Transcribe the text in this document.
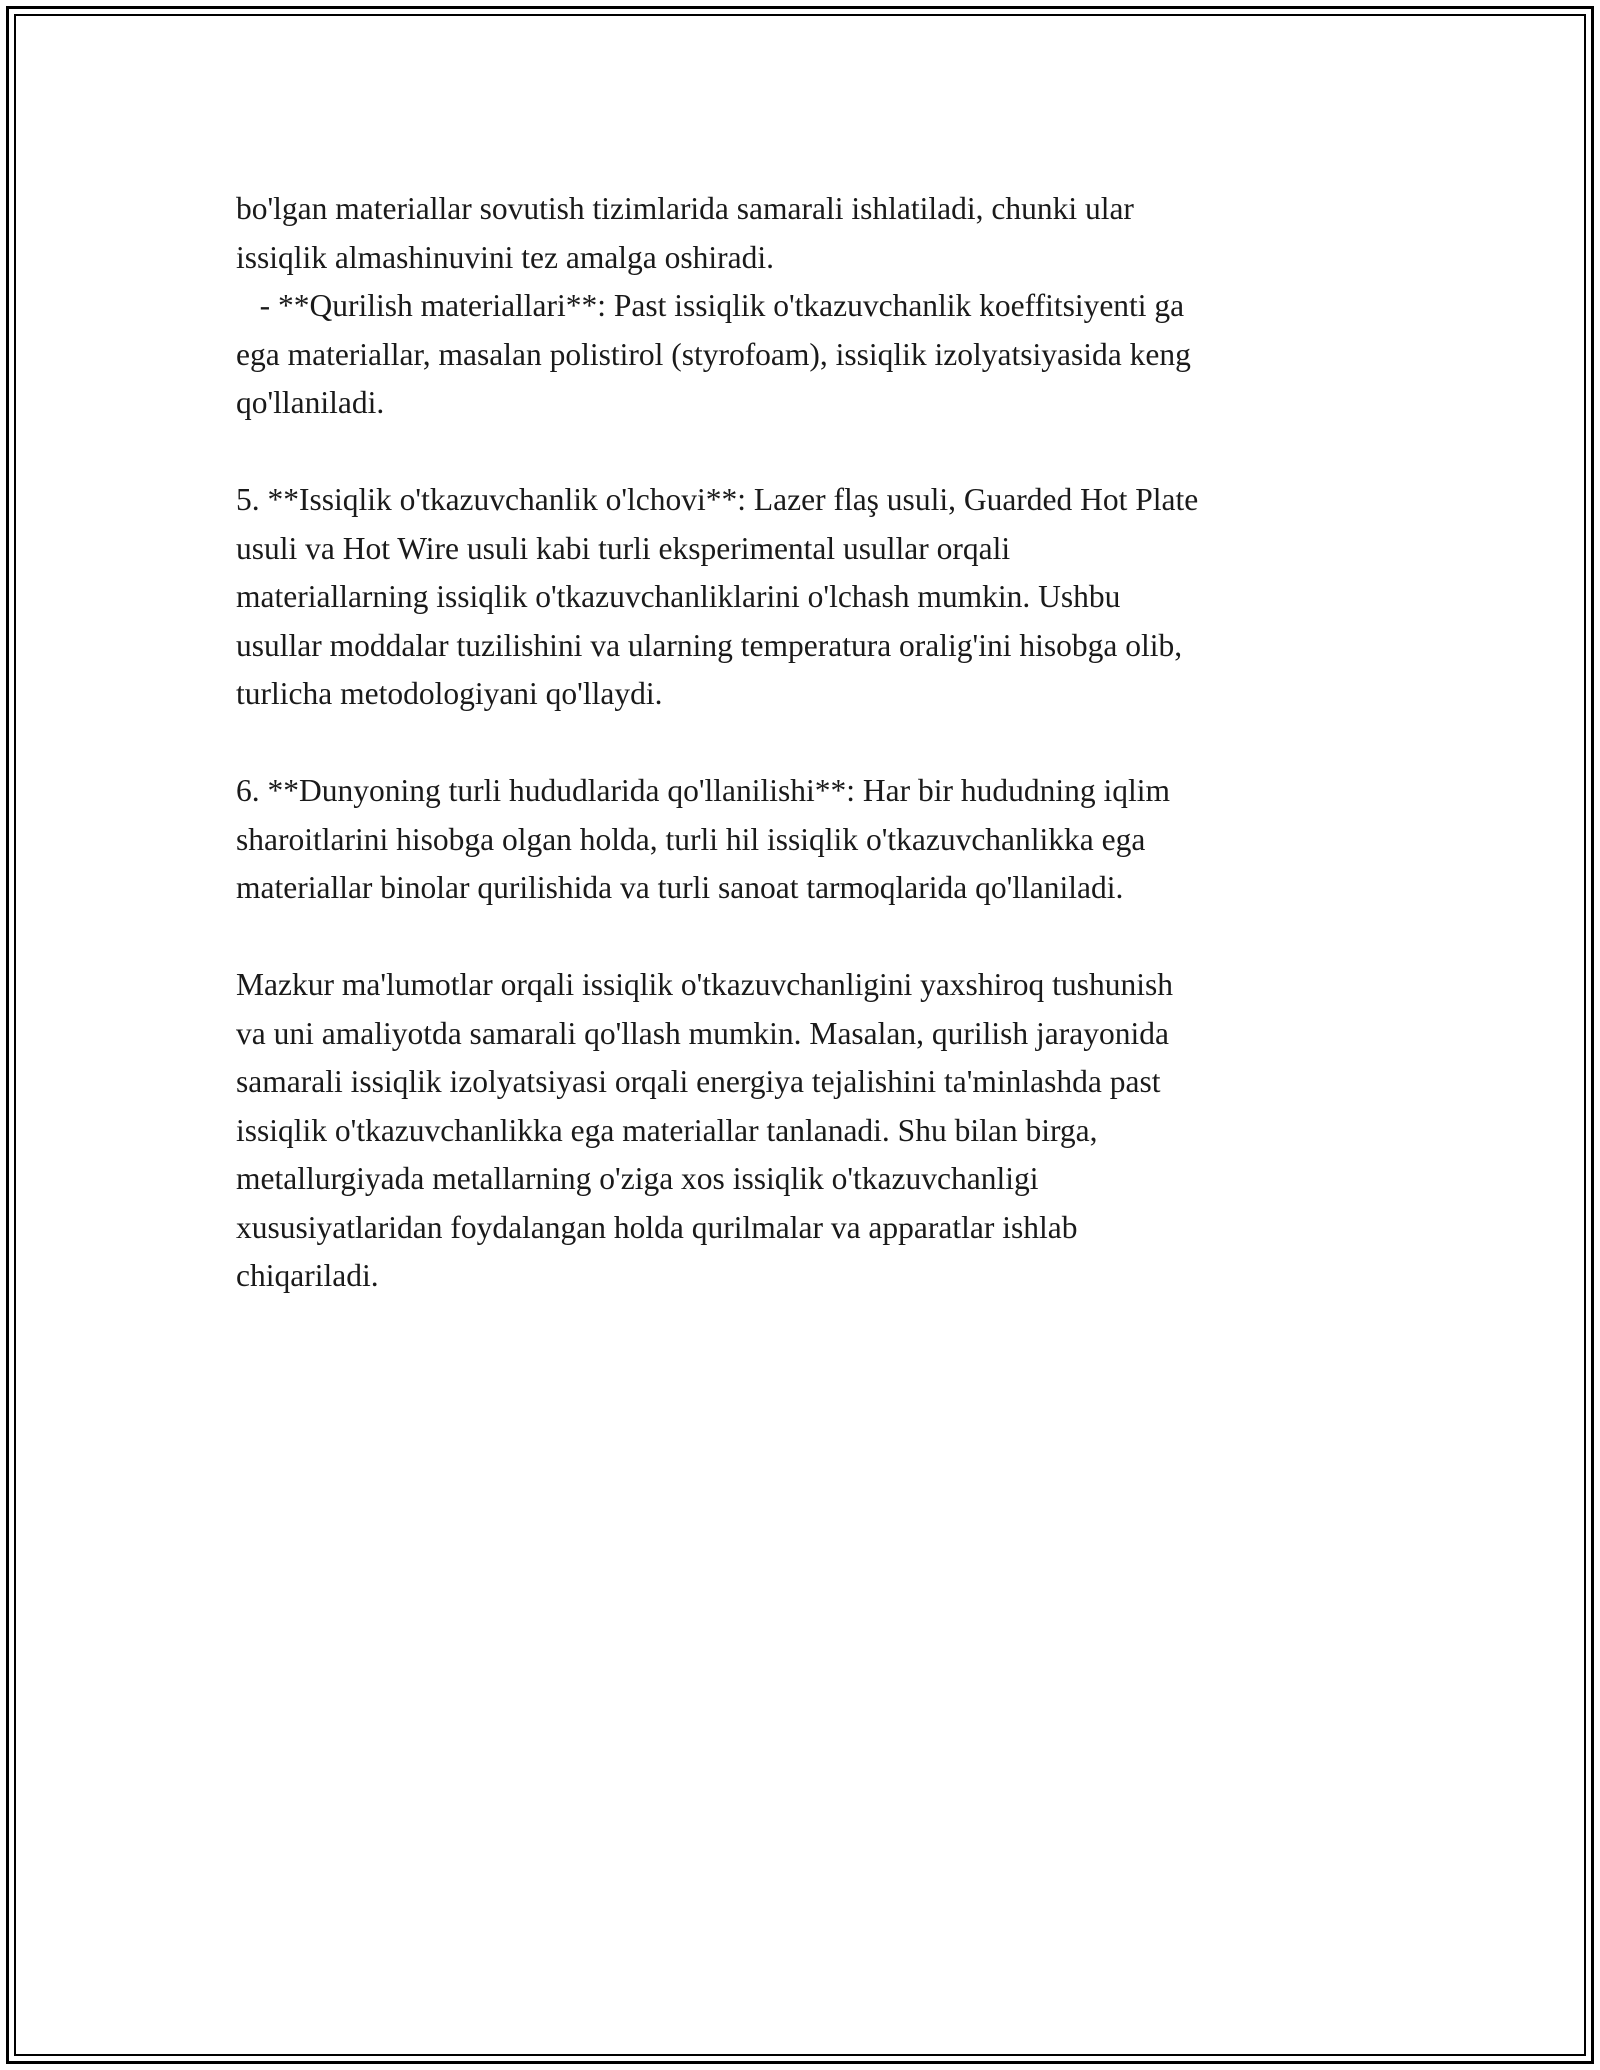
bo'lgan materiallar sovutish tizimlarida samarali ishlatiladi, chunki ular

issiqlik almashinuvini tez amalga oshiradi.

- **Qurilish materiallari**: Past issiqlik o'tkazuvchanlik koeffitsiyenti ga

ega materiallar, masalan polistirol (styrofoam), issiqlik izolyatsiyasida keng

qo'llaniladi.

5. **Issiqlik o'tkazuvchanlik o'lchovi**: Lazer flaş usuli, Guarded Hot Plate

usuli va Hot Wire usuli kabi turli eksperimental usullar orqali

materiallarning issiqlik o'tkazuvchanliklarini o'lchash mumkin. Ushbu

usullar moddalar tuzilishini va ularning temperatura oralig'ini hisobga olib,

turlicha metodologiyani qo'llaydi.

6. **Dunyoning turli hududlarida qo'llanilishi**: Har bir hududning iqlim

sharoitlarini hisobga olgan holda, turli hil issiqlik o'tkazuvchanlikka ega

materiallar binolar qurilishida va turli sanoat tarmoqlarida qo'llaniladi.

Mazkur ma'lumotlar orqali issiqlik o'tkazuvchanligini yaxshiroq tushunish

va uni amaliyotda samarali qo'llash mumkin. Masalan, qurilish jarayonida

samarali issiqlik izolyatsiyasi orqali energiya tejalishini ta'minlashda past

issiqlik o'tkazuvchanlikka ega materiallar tanlanadi. Shu bilan birga,

metallurgiyada metallarning o'ziga xos issiqlik o'tkazuvchanligi

xususiyatlaridan foydalangan holda qurilmalar va apparatlar ishlab

chiqariladi.
